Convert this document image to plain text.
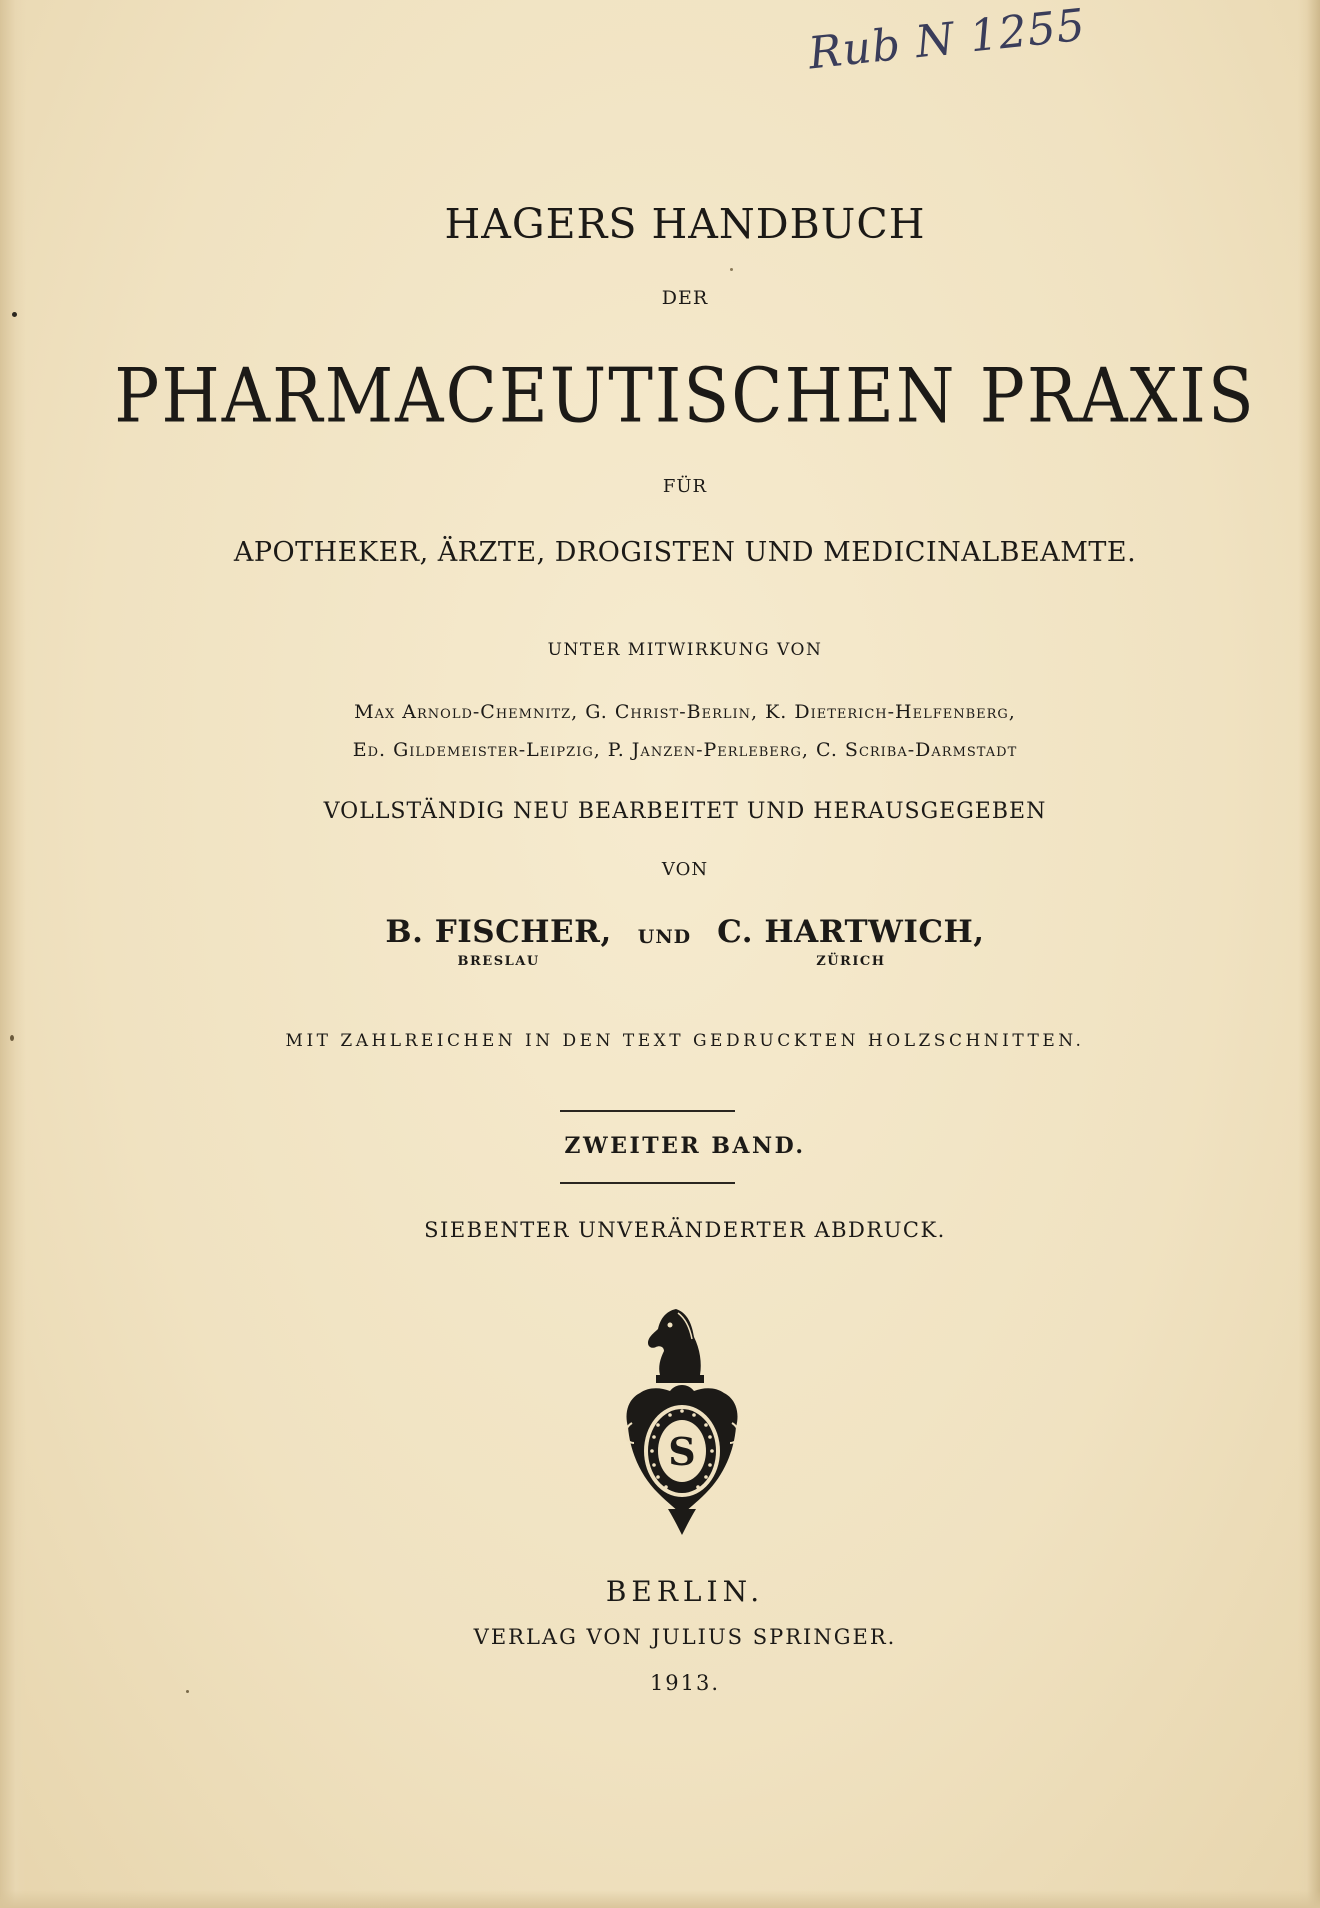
Rub N 1255
HAGERS HANDBUCH
DER
PHARMACEUTISCHEN PRAXIS
FÜR
APOTHEKER, ÄRZTE, DROGISTEN UND MEDICINALBEAMTE.
UNTER MITWIRKUNG VON
Max Arnold-Chemnitz, G. Christ-Berlin, K. Dieterich-Helfenberg,
Ed. Gildemeister-Leipzig, P. Janzen-Perleberg, C. Scriba-Darmstadt
VOLLSTÄNDIG NEU BEARBEITET UND HERAUSGEGEBEN
VON
B. FISCHER,
BRESLAU
UND C. HARTWICH,
ZÜRICH
MIT ZAHLREICHEN IN DEN TEXT GEDRUCKTEN HOLZSCHNITTEN.
ZWEITER BAND.
SIEBENTER UNVERÄNDERTER ABDRUCK.
S
BERLIN.
VERLAG VON JULIUS SPRINGER.
1913.
